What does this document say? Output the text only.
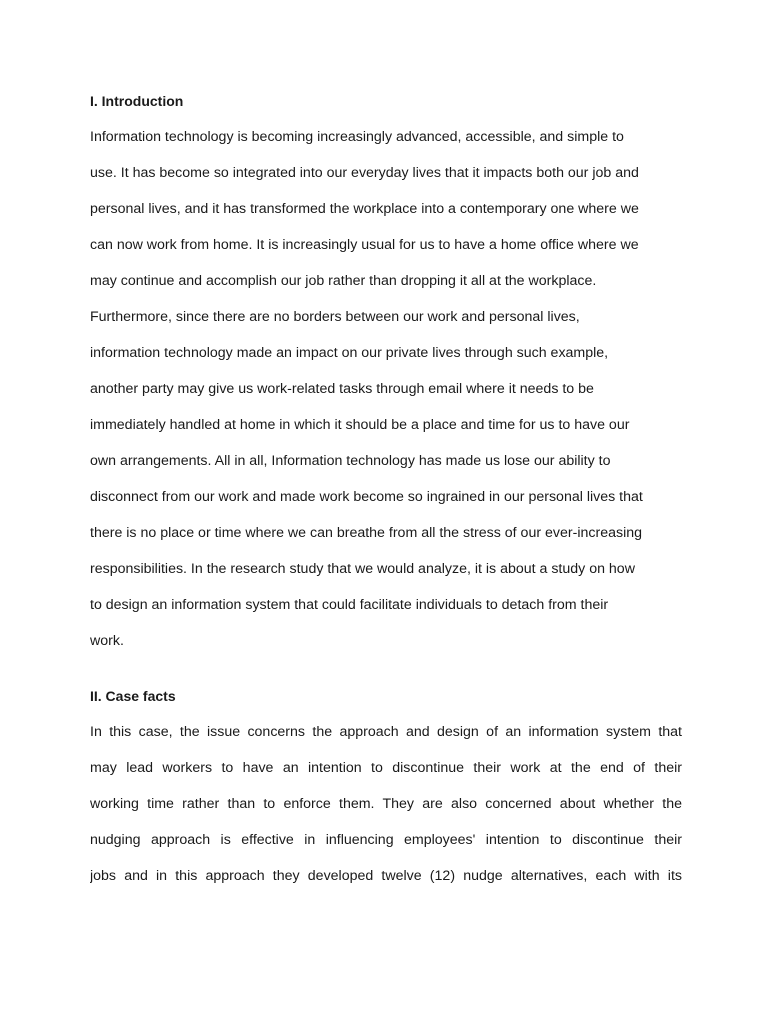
I. Introduction
Information technology is becoming increasingly advanced, accessible, and simple to
use. It has become so integrated into our everyday lives that it impacts both our job and
personal lives, and it has transformed the workplace into a contemporary one where we
can now work from home. It is increasingly usual for us to have a home office where we
may continue and accomplish our job rather than dropping it all at the workplace.
Furthermore, since there are no borders between our work and personal lives,
information technology made an impact on our private lives through such example,
another party may give us work-related tasks through email where it needs to be
immediately handled at home in which it should be a place and time for us to have our
own arrangements. All in all, Information technology has made us lose our ability to
disconnect from our work and made work become so ingrained in our personal lives that
there is no place or time where we can breathe from all the stress of our ever-increasing
responsibilities. In the research study that we would analyze, it is about a study on how
to design an information system that could facilitate individuals to detach from their
work.
II. Case facts
In this case, the issue concerns the approach and design of an information system that
may lead workers to have an intention to discontinue their work at the end of their
working time rather than to enforce them. They are also concerned about whether the
nudging approach is effective in influencing employees' intention to discontinue their
jobs and in this approach they developed twelve (12) nudge alternatives, each with its
